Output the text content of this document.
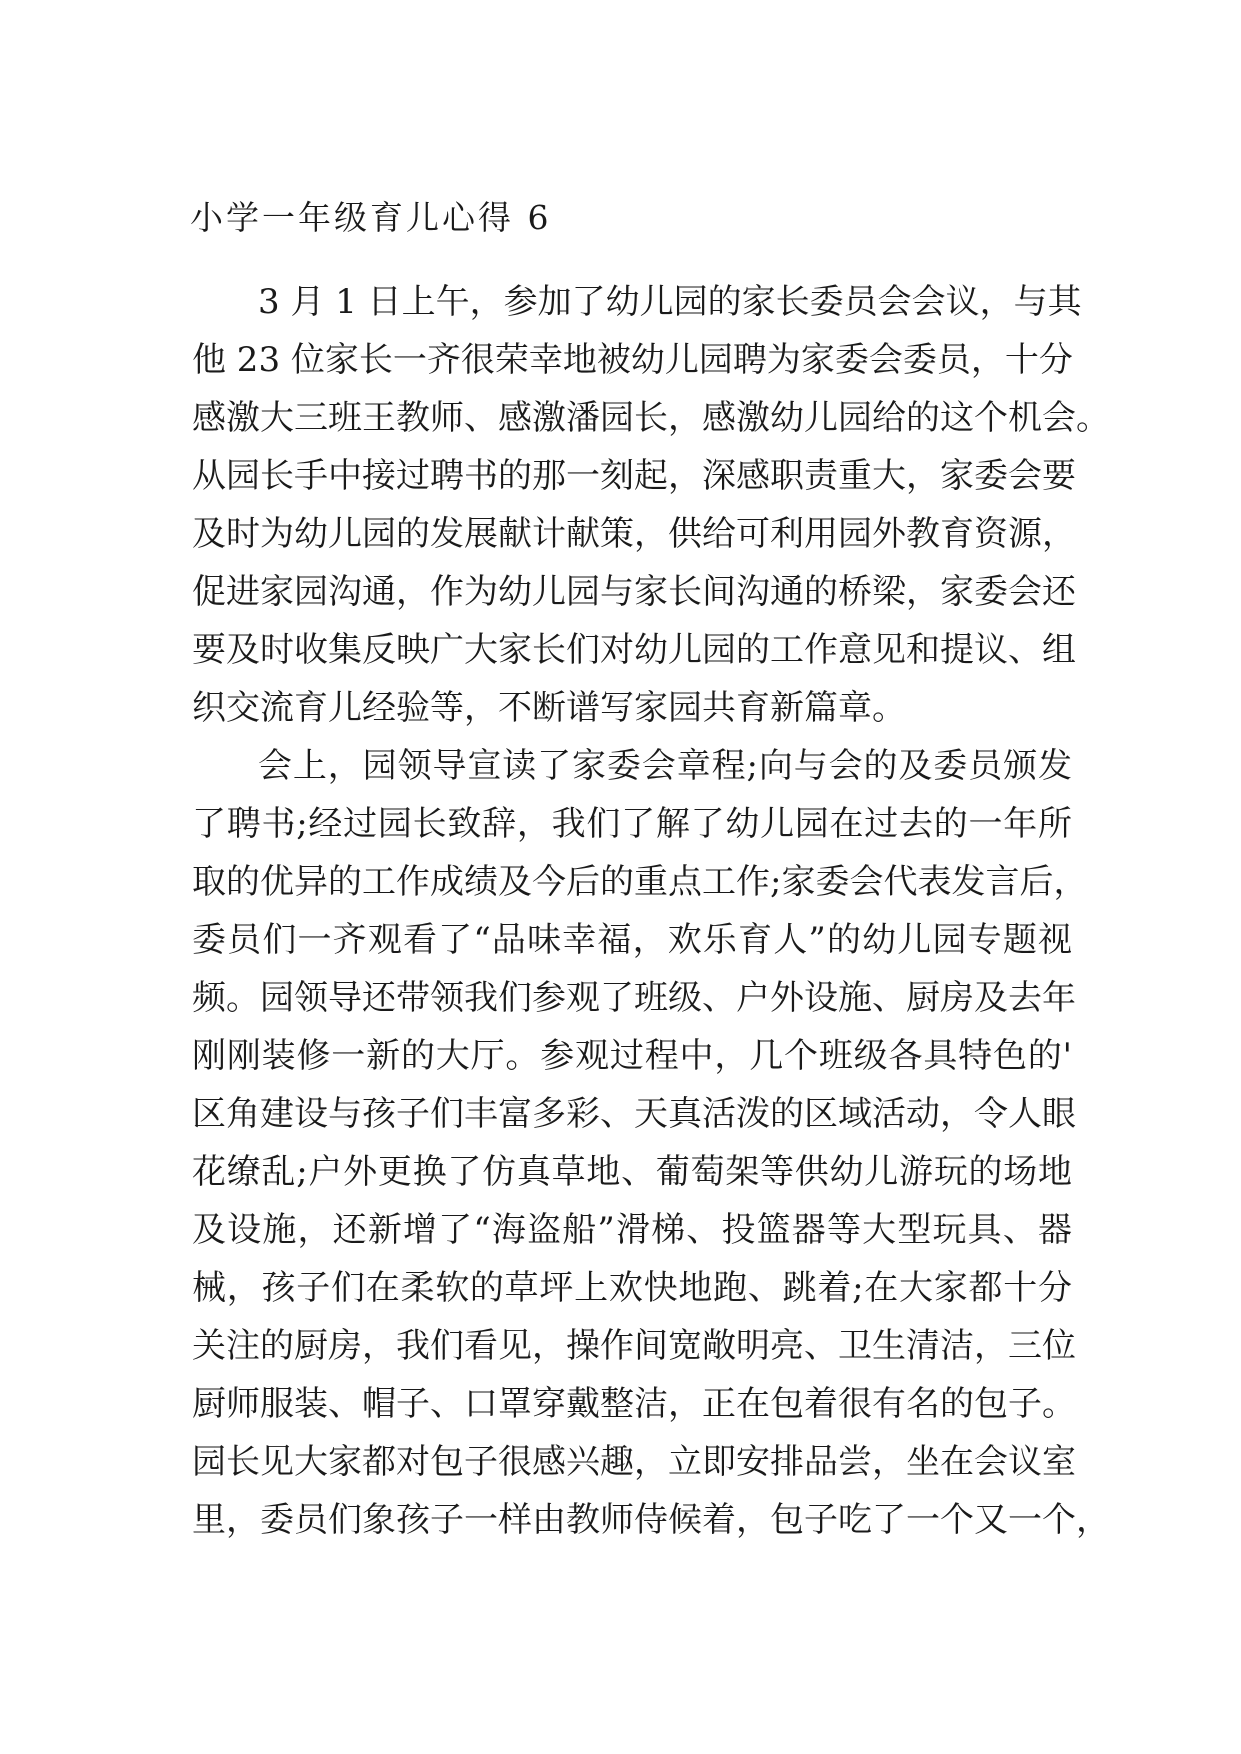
小学一年级育儿心得 6
3 月 1 日上午，参加了幼儿园的家长委员会会议，与其
他 23 位家长一齐很荣幸地被幼儿园聘为家委会委员，十分
感激大三班王教师、感激潘园长，感激幼儿园给的这个机会。
从园长手中接过聘书的那一刻起，深感职责重大，家委会要
及时为幼儿园的发展献计献策，供给可利用园外教育资源，
促进家园沟通，作为幼儿园与家长间沟通的桥梁，家委会还
要及时收集反映广大家长们对幼儿园的工作意见和提议、组
织交流育儿经验等，不断谱写家园共育新篇章。
会上，园领导宣读了家委会章程;向与会的及委员颁发
了聘书;经过园长致辞，我们了解了幼儿园在过去的一年所
取的优异的工作成绩及今后的重点工作;家委会代表发言后，
委员们一齐观看了“品味幸福，欢乐育人”的幼儿园专题视
频。园领导还带领我们参观了班级、户外设施、厨房及去年
刚刚装修一新的大厅。参观过程中，几个班级各具特色的'
区角建设与孩子们丰富多彩、天真活泼的区域活动，令人眼
花缭乱;户外更换了仿真草地、葡萄架等供幼儿游玩的场地
及设施，还新增了“海盗船”滑梯、投篮器等大型玩具、器
械，孩子们在柔软的草坪上欢快地跑、跳着;在大家都十分
关注的厨房，我们看见，操作间宽敞明亮、卫生清洁，三位
厨师服装、帽子、口罩穿戴整洁，正在包着很有名的包子。
园长见大家都对包子很感兴趣，立即安排品尝，坐在会议室
里，委员们象孩子一样由教师侍候着，包子吃了一个又一个，
